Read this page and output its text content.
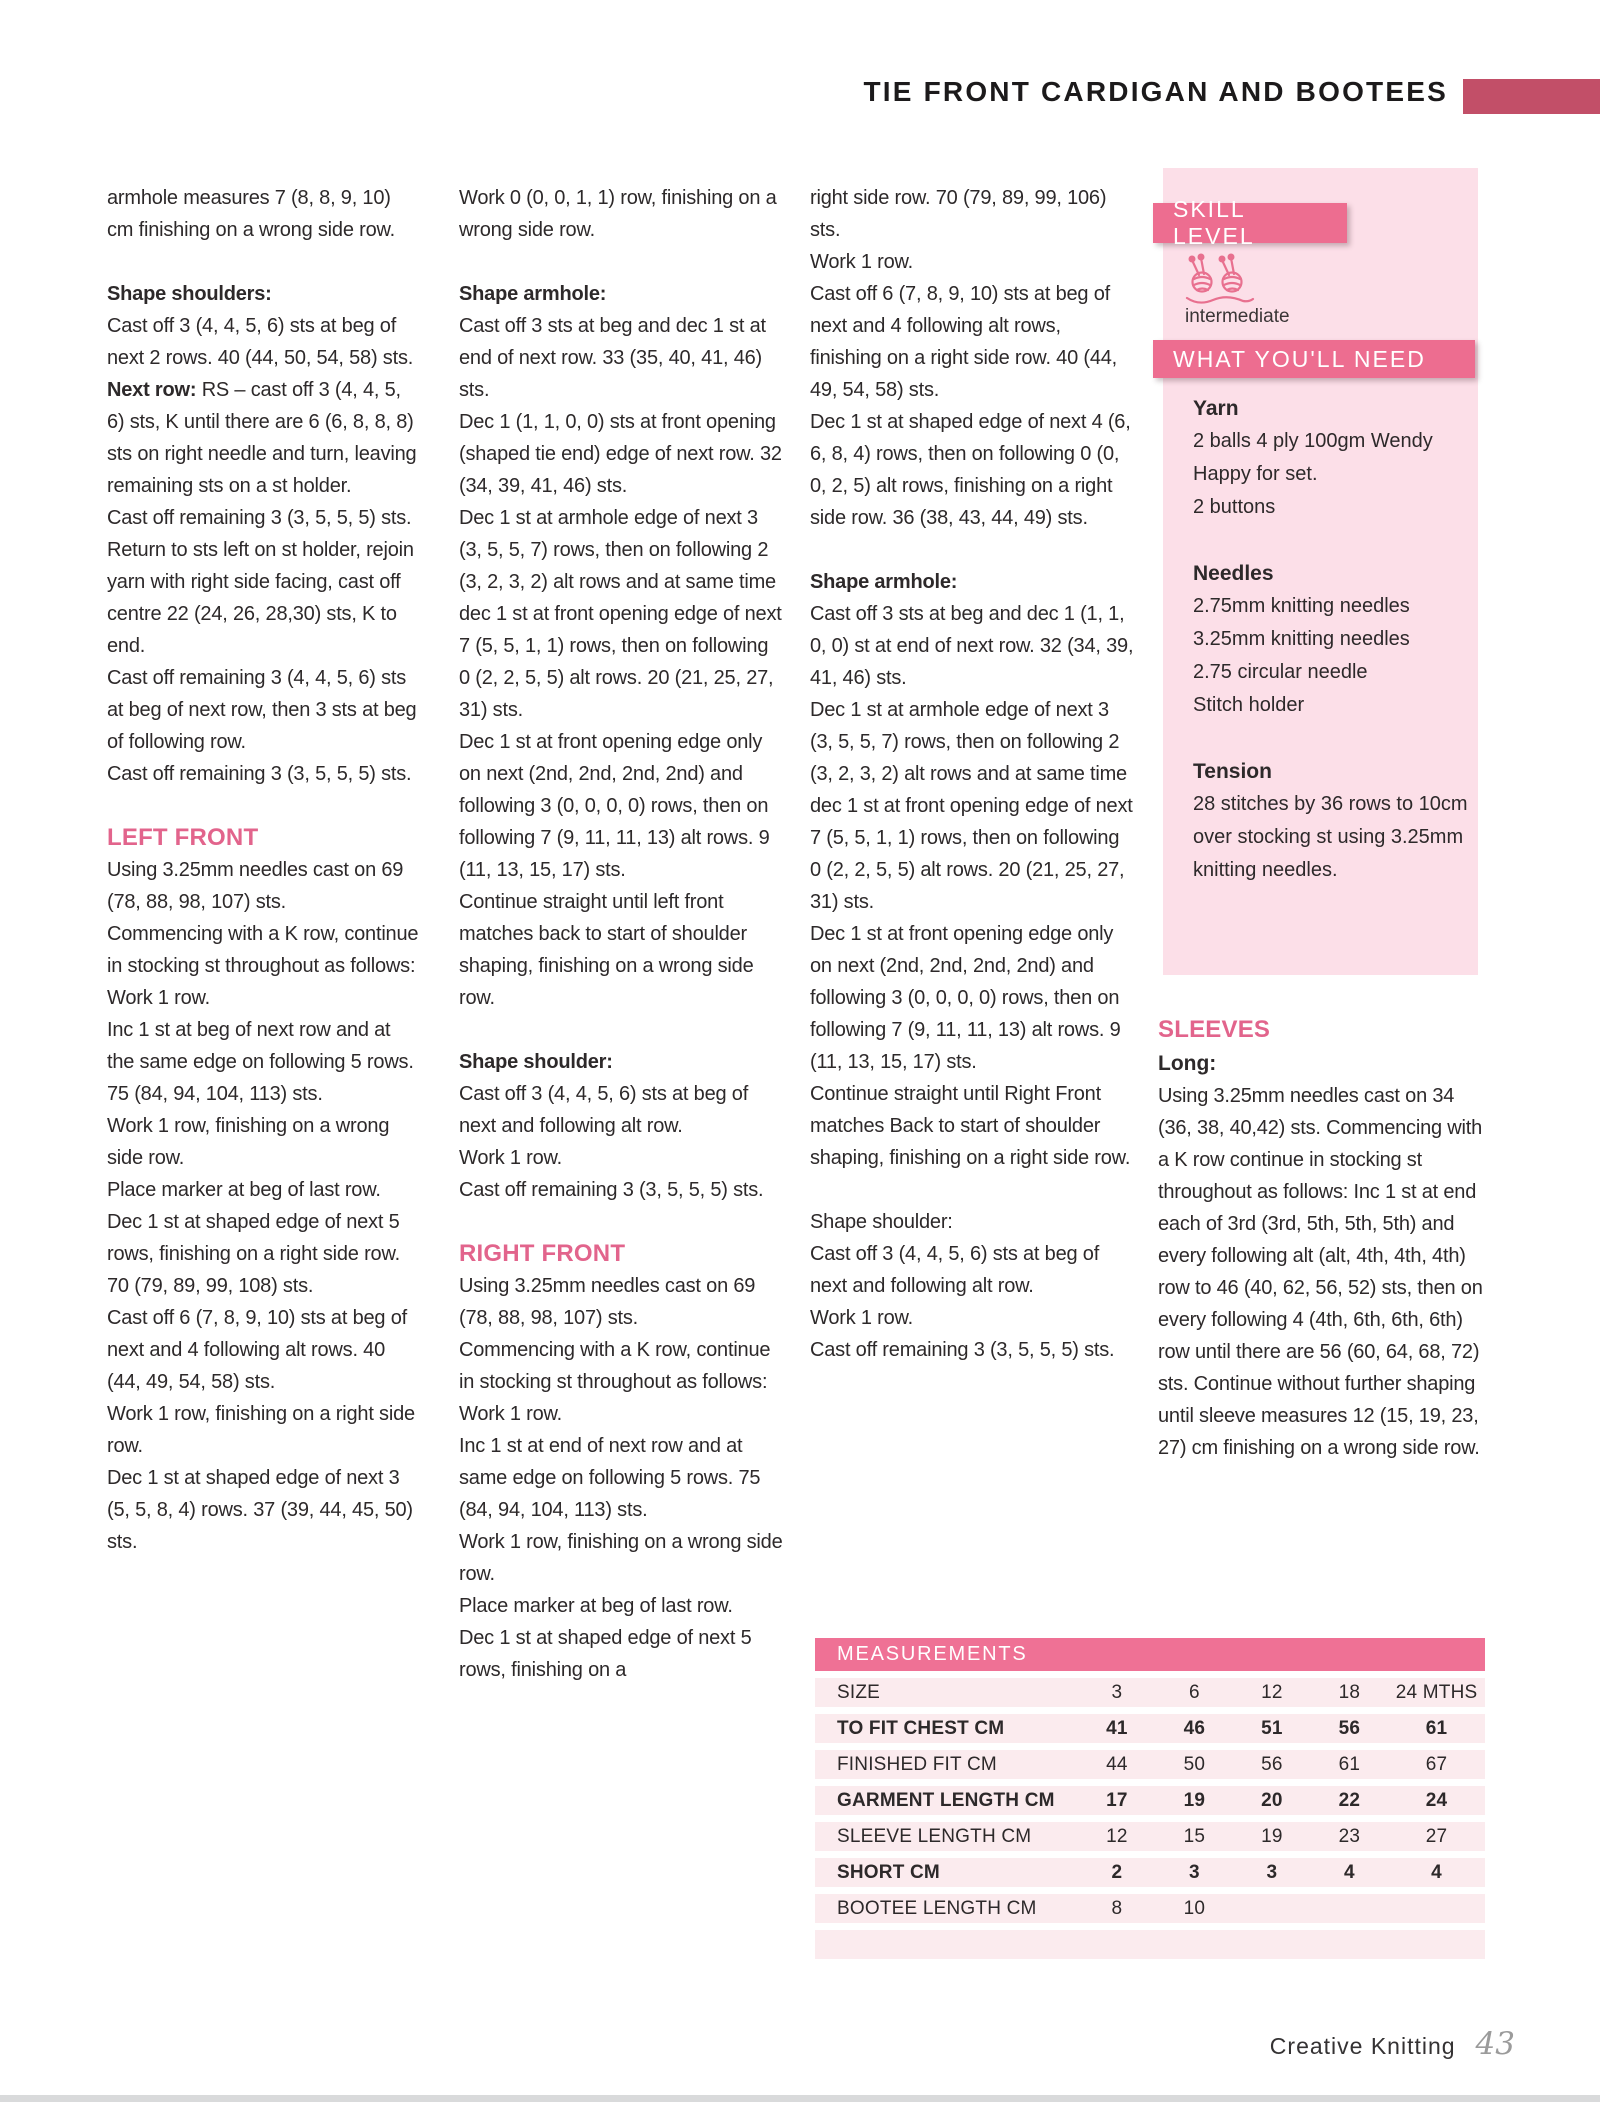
TIE FRONT CARDIGAN AND BOOTEES

armhole measures 7 (8, 8, 9, 10) cm finishing on a wrong side row.

Shape shoulders:

Cast off 3 (4, 4, 5, 6) sts at beg of next 2 rows. 40 (44, 50, 54, 58) sts.

Next row: RS – cast off 3 (4, 4, 5, 6) sts, K until there are 6 (6, 8, 8, 8) sts on right needle and turn, leaving remaining sts on a st holder.

Cast off remaining 3 (3, 5, 5, 5) sts.

Return to sts left on st holder, rejoin yarn with right side facing, cast off centre 22 (24, 26, 28,30) sts, K to end.

Cast off remaining 3 (4, 4, 5, 6) sts at beg of next row, then 3 sts at beg of following row.

Cast off remaining 3 (3, 5, 5, 5) sts.

LEFT FRONT

Using 3.25mm needles cast on 69 (78, 88, 98, 107) sts.

Commencing with a K row, continue in stocking st throughout as follows:

Work 1 row.

Inc 1 st at beg of next row and at the same edge on following 5 rows. 75 (84, 94, 104, 113) sts.

Work 1 row, finishing on a wrong side row.

Place marker at beg of last row.

Dec 1 st at shaped edge of next 5 rows, finishing on a right side row. 70 (79, 89, 99, 108) sts.

Cast off 6 (7, 8, 9, 10) sts at beg of next and 4 following alt rows. 40 (44, 49, 54, 58) sts.

Work 1 row, finishing on a right side row.

Dec 1 st at shaped edge of next 3 (5, 5, 8, 4) rows. 37 (39, 44, 45, 50) sts.

Work 0 (0, 0, 1, 1) row, finishing on a wrong side row.

Shape armhole:

Cast off 3 sts at beg and dec 1 st at end of next row. 33 (35, 40, 41, 46) sts.

Dec 1 (1, 1, 0, 0) sts at front opening (shaped tie end) edge of next row. 32 (34, 39, 41, 46) sts.

Dec 1 st at armhole edge of next 3 (3, 5, 5, 7) rows, then on following 2 (3, 2, 3, 2) alt rows and at same time dec 1 st at front opening edge of next 7 (5, 5, 1, 1) rows, then on following 0 (2, 2, 5, 5) alt rows. 20 (21, 25, 27, 31) sts.

Dec 1 st at front opening edge only on next (2nd, 2nd, 2nd, 2nd) and following 3 (0, 0, 0, 0) rows, then on following 7 (9, 11, 11, 13) alt rows. 9 (11, 13, 15, 17) sts.

Continue straight until left front matches back to start of shoulder shaping, finishing on a wrong side row.

Shape shoulder:

Cast off 3 (4, 4, 5, 6) sts at beg of next and following alt row.

Work 1 row.

Cast off remaining 3 (3, 5, 5, 5) sts.

RIGHT FRONT

Using 3.25mm needles cast on 69 (78, 88, 98, 107) sts.

Commencing with a K row, continue in stocking st throughout as follows:

Work 1 row.

Inc 1 st at end of next row and at same edge on following 5 rows. 75 (84, 94, 104, 113) sts.

Work 1 row, finishing on a wrong side row.

Place marker at beg of last row.

Dec 1 st at shaped edge of next 5 rows, finishing on a

right side row. 70 (79, 89, 99, 106) sts.

Work 1 row.

Cast off 6 (7, 8, 9, 10) sts at beg of next and 4 following alt rows, finishing on a right side row. 40 (44, 49, 54, 58) sts.

Dec 1 st at shaped edge of next 4 (6, 6, 8, 4) rows, then on following 0 (0, 0, 2, 5) alt rows, finishing on a right side row. 36 (38, 43, 44, 49) sts.

Shape armhole:

Cast off 3 sts at beg and dec 1 (1, 1, 0, 0) st at end of next row. 32 (34, 39, 41, 46) sts.

Dec 1 st at armhole edge of next 3 (3, 5, 5, 7) rows, then on following 2 (3, 2, 3, 2) alt rows and at same time dec 1 st at front opening edge of next 7 (5, 5, 1, 1) rows, then on following 0 (2, 2, 5, 5) alt rows. 20 (21, 25, 27, 31) sts.

Dec 1 st at front opening edge only on next (2nd, 2nd, 2nd, 2nd) and following 3 (0, 0, 0, 0) rows, then on following 7 (9, 11, 11, 13) alt rows. 9 (11, 13, 15, 17) sts.

Continue straight until Right Front matches Back to start of shoulder shaping, finishing on a right side row.

Shape shoulder:

Cast off 3 (4, 4, 5, 6) sts at beg of next and following alt row.

Work 1 row.

Cast off remaining 3 (3, 5, 5, 5) sts.

SKILL LEVEL
intermediate
WHAT YOU'LL NEED
Yarn
2 balls 4 ply 100gm Wendy Happy for set.
2 buttons
Needles
2.75mm knitting needles
3.25mm knitting needles
2.75 circular needle
Stitch holder
Tension
28 stitches by 36 rows to 10cm over stocking st using 3.25mm knitting needles.
SLEEVES

Long:

Using 3.25mm needles cast on 34 (36, 38, 40,42) sts. Commencing with a K row continue in stocking st throughout as follows: Inc 1 st at end each of 3rd (3rd, 5th, 5th, 5th) and every following alt (alt, 4th, 4th, 4th) row to 46 (40, 62, 56, 52) sts, then on every following 4 (4th, 6th, 6th, 6th) row until there are 56 (60, 64, 68, 72) sts. Continue without further shaping until sleeve measures 12 (15, 19, 23, 27) cm finishing on a wrong side row.

MEASUREMENTS
SIZE	3	6	12	18	24 MTHS
TO FIT CHEST CM	41	46	51	56	61
FINISHED FIT CM	44	50	56	61	67
GARMENT LENGTH CM	17	19	20	22	24
SLEEVE LENGTH CM	12	15	19	23	27
SHORT CM	2	3	3	4	4
BOOTEE LENGTH CM	8	10
Creative Knitting 43
